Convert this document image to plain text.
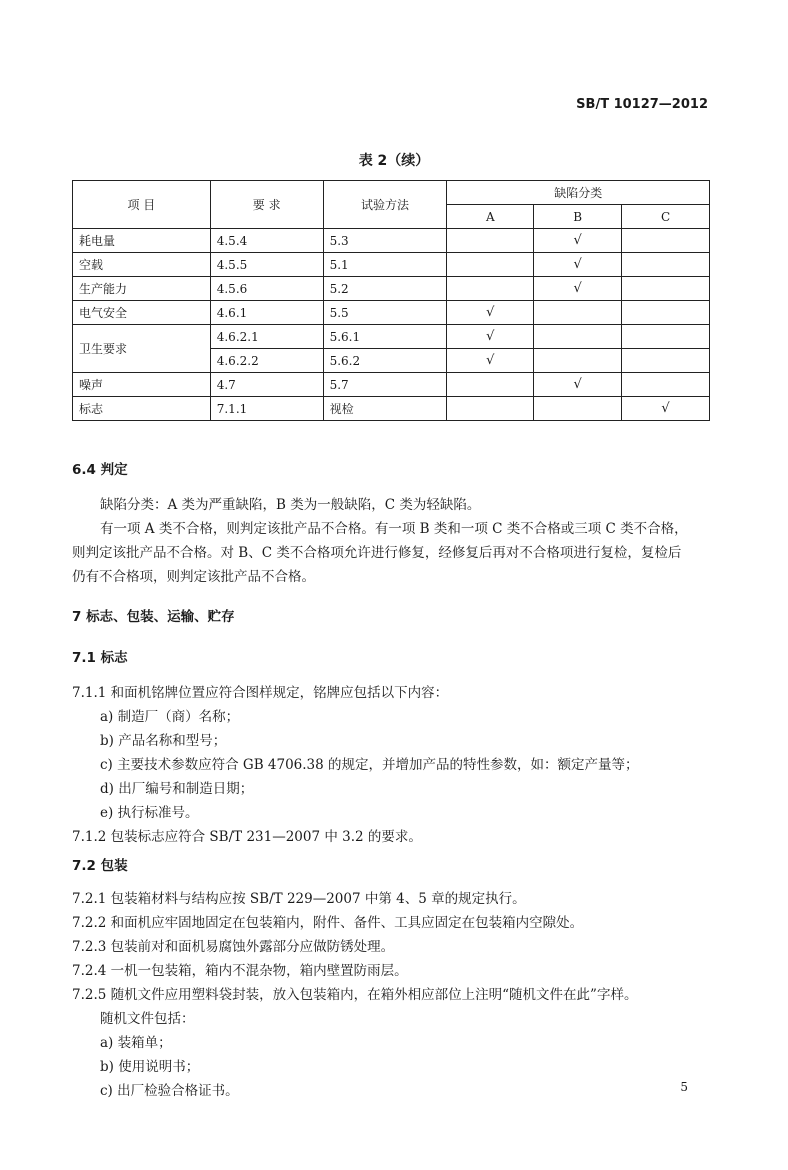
SB/T 10127—2012
表 2（续）
项 目	要 求	试验方法	缺陷分类		
			A	B	C
耗电量	4.5.4	5.3		√	
空载	4.5.5	5.1		√	
生产能力	4.5.6	5.2		√	
电气安全	4.6.1	5.5	√		
卫生要求	4.6.2.1	5.6.1	√		
	4.6.2.2	5.6.2	√		
噪声	4.7	5.7		√	
标志	7.1.1	视检			√
6.4 判定
缺陷分类：A 类为严重缺陷，B 类为一般缺陷，C 类为轻缺陷。
有一项 A 类不合格，则判定该批产品不合格。有一项 B 类和一项 C 类不合格或三项 C 类不合格，
则判定该批产品不合格。对 B、C 类不合格项允许进行修复，经修复后再对不合格项进行复检，复检后
仍有不合格项，则判定该批产品不合格。
7 标志、包装、运输、贮存
7.1 标志
7.1.1 和面机铭牌位置应符合图样规定，铭牌应包括以下内容：
a) 制造厂（商）名称；
b) 产品名称和型号；
c) 主要技术参数应符合 GB 4706.38 的规定，并增加产品的特性参数，如：额定产量等；
d) 出厂编号和制造日期；
e) 执行标准号。
7.1.2 包装标志应符合 SB/T 231—2007 中 3.2 的要求。
7.2 包装
7.2.1 包装箱材料与结构应按 SB/T 229—2007 中第 4、5 章的规定执行。
7.2.2 和面机应牢固地固定在包装箱内，附件、备件、工具应固定在包装箱内空隙处。
7.2.3 包装前对和面机易腐蚀外露部分应做防锈处理。
7.2.4 一机一包装箱，箱内不混杂物，箱内壁置防雨层。
7.2.5 随机文件应用塑料袋封装，放入包装箱内，在箱外相应部位上注明“随机文件在此”字样。
随机文件包括：
a) 装箱单；
b) 使用说明书；
c) 出厂检验合格证书。	5
